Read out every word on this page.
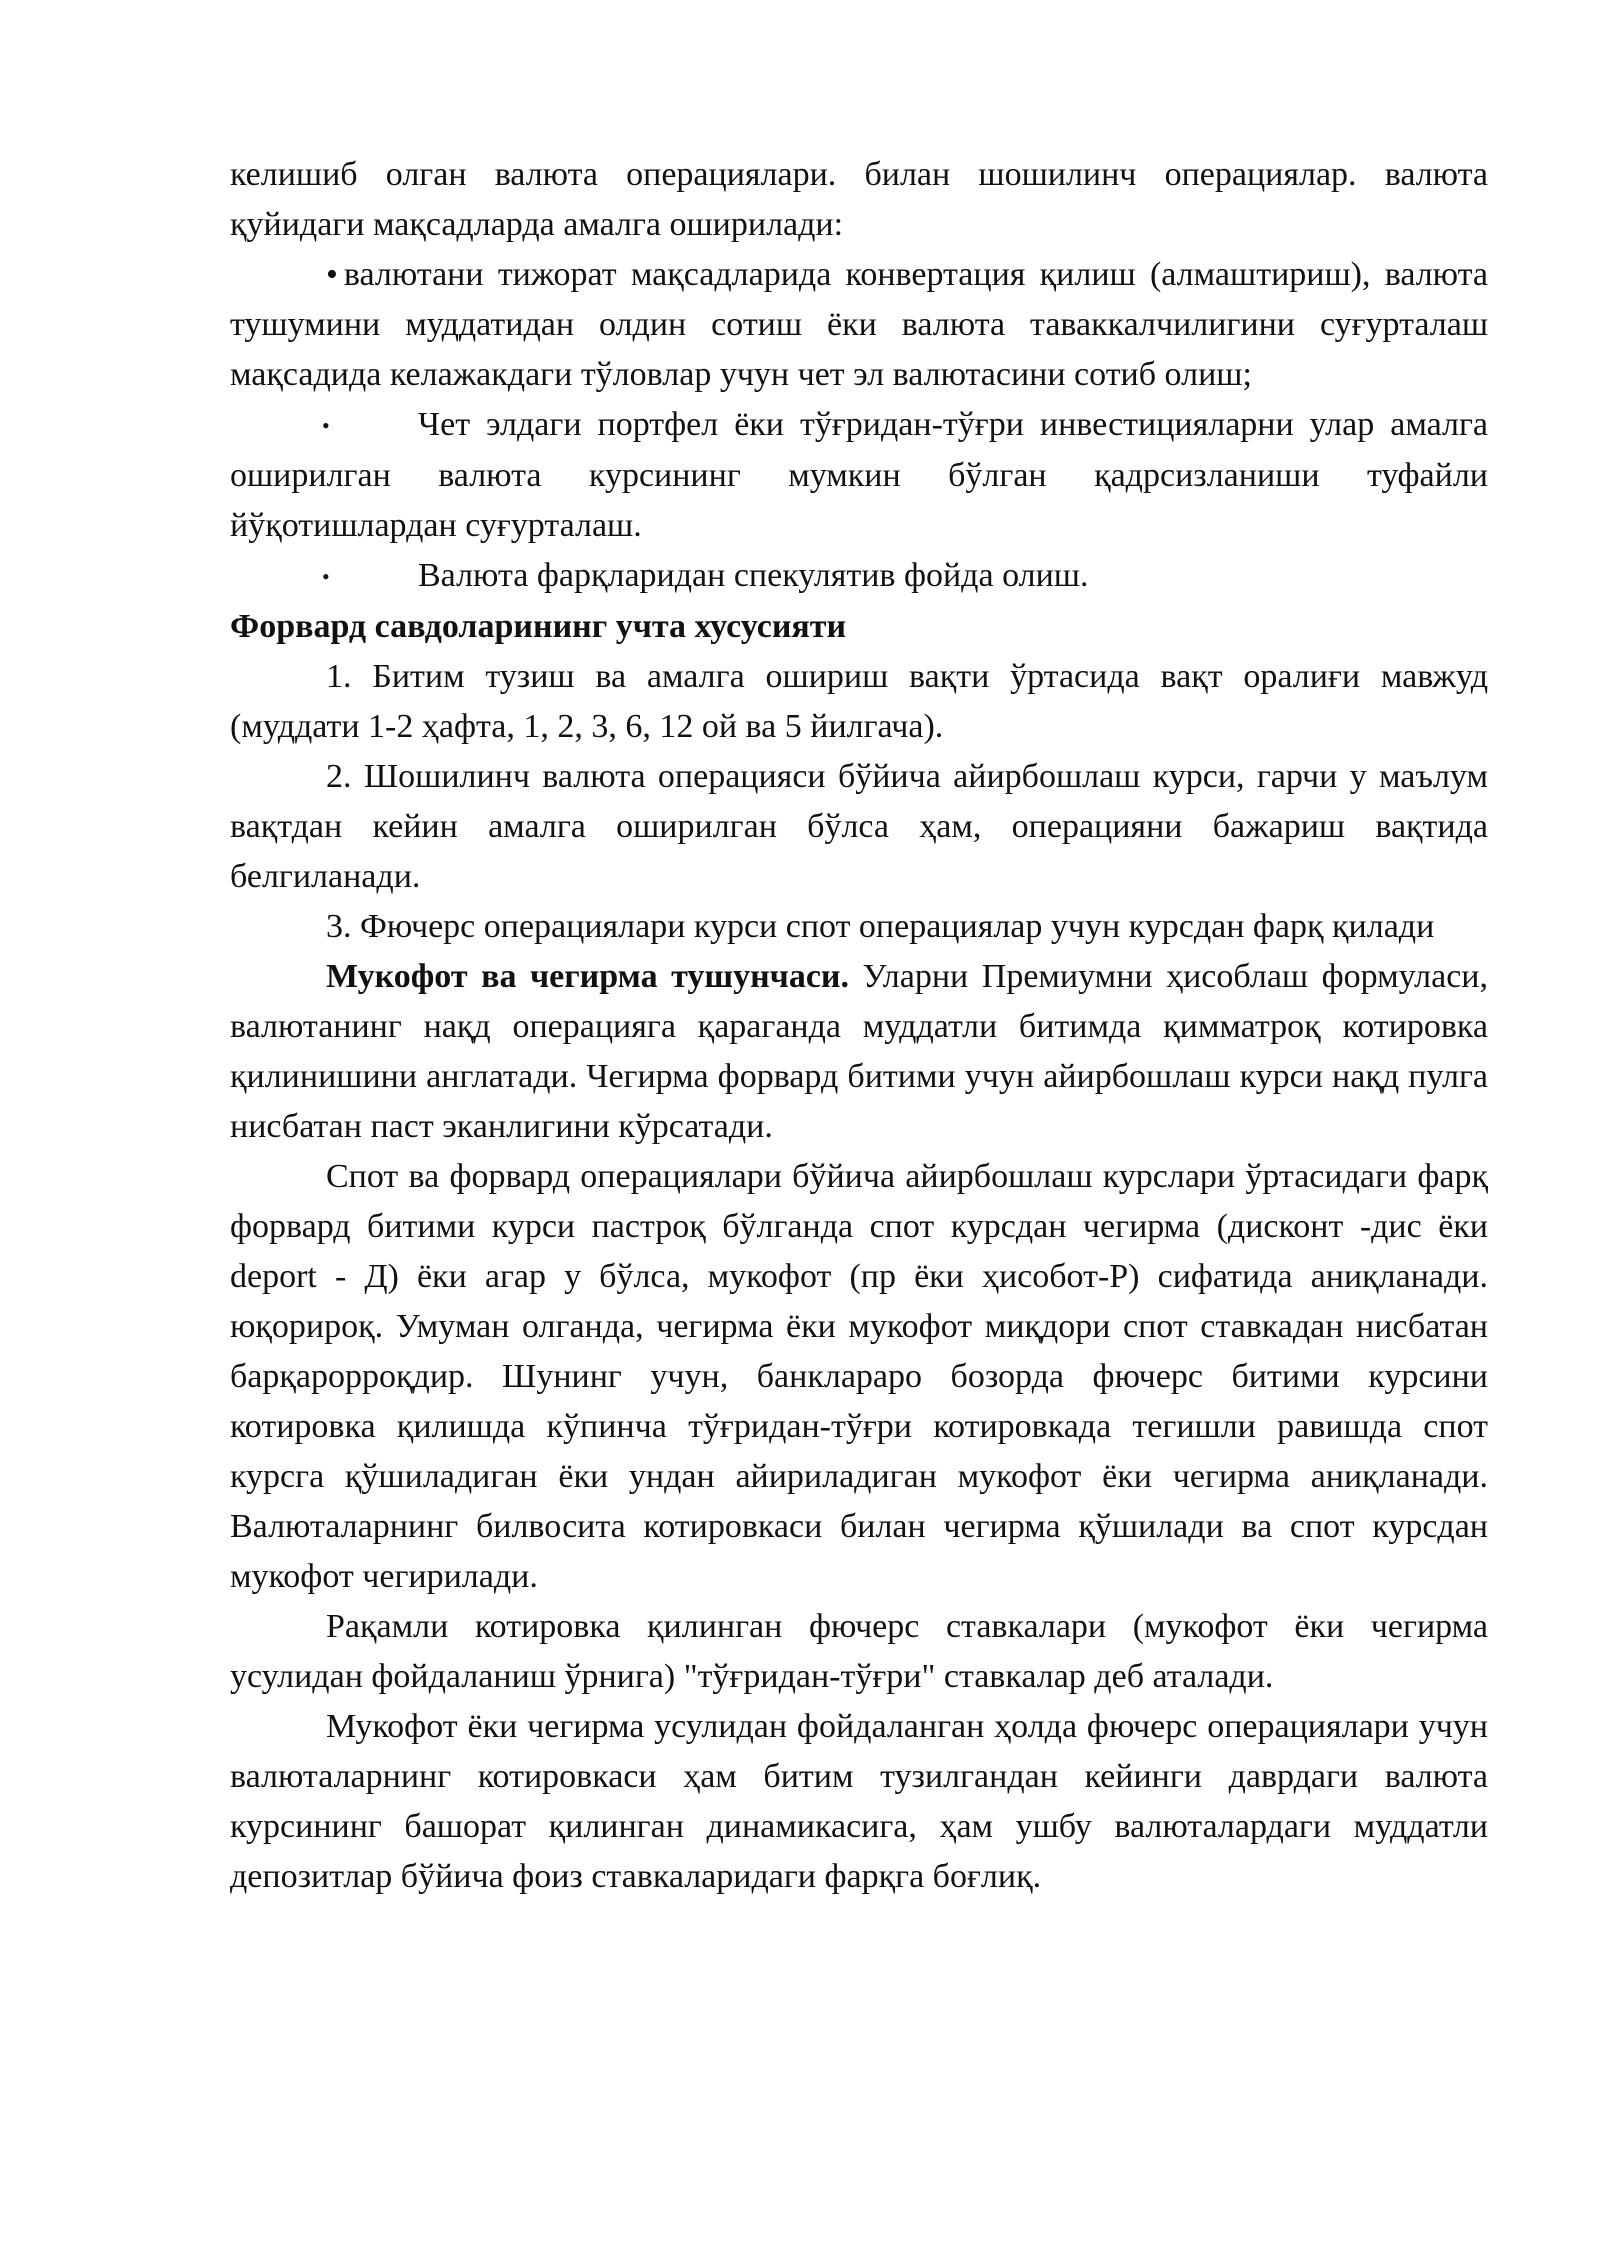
келишиб олган валюта операциялари. билан шошилинч операциялар. валюта қуйидаги мақсадларда амалга оширилади:

• валютани тижорат мақсадларида конвертация қилиш (алмаштириш), валюта тушумини муддатидан олдин сотиш ёки валюта таваккалчилигини суғурталаш мақсадида келажакдаги тўловлар учун чет эл валютасини сотиб олиш;

•	Чет элдаги портфел ёки тўғридан-тўғри инвестицияларни улар амалга оширилган валюта курсининг мумкин бўлган қадрсизланиши туфайли йўқотишлардан суғурталаш.

•	Валюта фарқларидан спекулятив фойда олиш.

Форвард савдоларининг учта хусусияти

1. Битим тузиш ва амалга ошириш вақти ўртасида вақт оралиғи мавжуд (муддати 1-2 ҳафта, 1, 2, 3, 6, 12 ой ва 5 йилгача).

2. Шошилинч валюта операцияси бўйича айирбошлаш курси, гарчи у маълум вақтдан кейин амалга оширилган бўлса ҳам, операцияни бажариш вақтида белгиланади.

3. Фючерс операциялари курси спот операциялар учун курсдан фарқ қилади

Мукофот ва чегирма тушунчаси. Уларни Премиумни ҳисоблаш формуласи, валютанинг нақд операцияга қараганда муддатли битимда қимматроқ котировка қилинишини англатади. Чегирма форвард битими учун айирбошлаш курси нақд пулга нисбатан паст эканлигини кўрсатади.

Спот ва форвард операциялари бўйича айирбошлаш курслари ўртасидаги фарқ форвард битими курси пастроқ бўлганда спот курсдан чегирма (дисконт -дис ёки deport - Д) ёки агар у бўлса, мукофот (пр ёки ҳисобот-Р) сифатида аниқланади. юқорироқ. Умуман олганда, чегирма ёки мукофот миқдори спот ставкадан нисбатан барқарорроқдир. Шунинг учун, банклараро бозорда фючерс битими курсини котировка қилишда кўпинча тўғридан-тўғри котировкада тегишли равишда спот курсга қўшиладиган ёки ундан айириладиган мукофот ёки чегирма аниқланади. Валюталарнинг билвосита котировкаси билан чегирма қўшилади ва спот курсдан мукофот чегирилади.

Рақамли котировка қилинган фючерс ставкалари (мукофот ёки чегирма усулидан фойдаланиш ўрнига) "тўғридан-тўғри" ставкалар деб аталади.

Мукофот ёки чегирма усулидан фойдаланган ҳолда фючерс операциялари учун валюталарнинг котировкаси ҳам битим тузилгандан кейинги даврдаги валюта курсининг башорат қилинган динамикасига, ҳам ушбу валюталардаги муддатли депозитлар бўйича фоиз ставкаларидаги фарқга боғлиқ.
